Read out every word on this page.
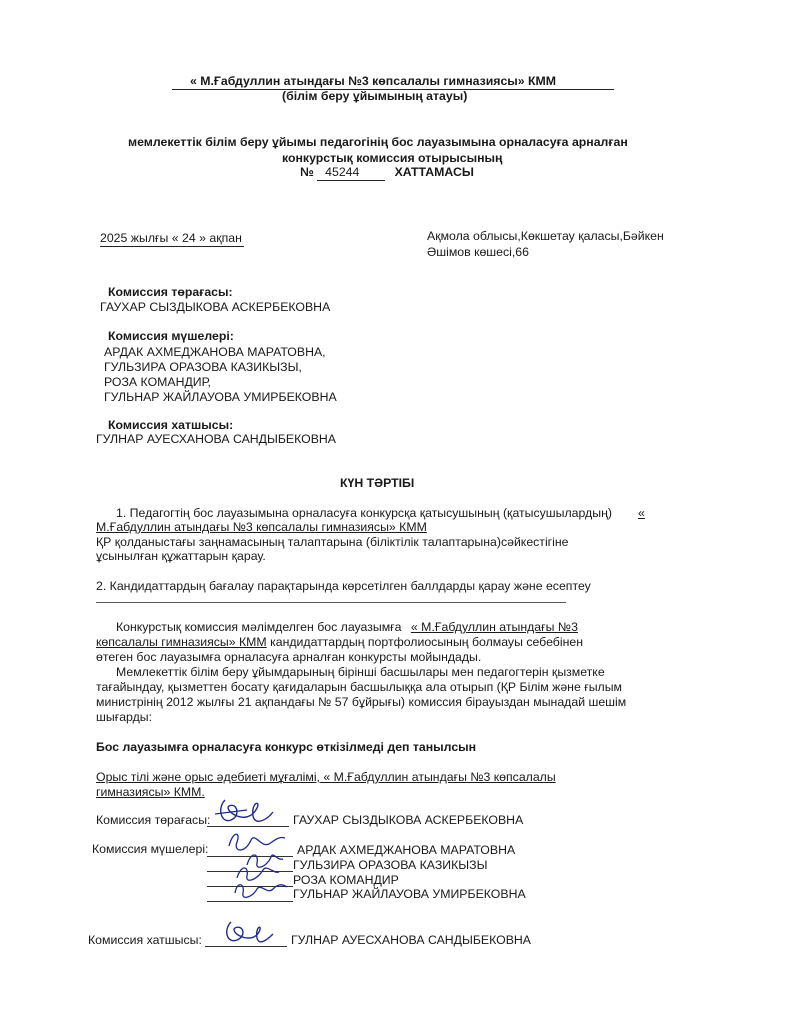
« М.Ғабдуллин атындағы №3 көпсалалы гимназиясы» КММ
(білім беру ұйымының атауы)
мемлекеттік білім беру ұйымы педагогінің бос лауазымына орналасуға арналған
конкурстық комиссия отырысының
№ 45244	ХАТТАМАСЫ
2025 жылғы « 24 » ақпан	Ақмола облысы,Көкшетау қаласы,Бәйкен
Әшімов көшесі,66
Комиссия төрағасы:
ГАУХАР СЫЗДЫКОВА АСКЕРБЕКОВНА
Комиссия мүшелері:
АРДАК АХМЕДЖАНОВА МАРАТОВНА,
ГУЛЬЗИРА ОРАЗОВА КАЗИКЫЗЫ,
РОЗА КОМАНДИР,
ГУЛЬНАР ЖАЙЛАУОВА УМИРБЕКОВНА
Комиссия хатшысы:
ГУЛНАР АУЕСХАНОВА САНДЫБЕКОВНА
КҮН ТӘРТІБІ
1. Педагогтің бос лауазымына орналасуға конкурсқа қатысушының (қатысушылардың) «
М.Ғабдуллин атындағы №3 көпсалалы гимназиясы» КММ
ҚР қолданыстағы заңнамасының талаптарына (біліктілік талаптарына)сәйкестігіне
ұсынылған құжаттарын қарау.
2. Кандидаттардың бағалау парақтарында көрсетілген баллдарды қарау және есептеу
Конкурстық комиссия мәлімделген бос лауазымға « М.Ғабдуллин атындағы №3
көпсалалы гимназиясы» КММ кандидаттардың портфолиосының болмауы себебінен
өтеген бос лауазымға орналасуға арналған конкурсты мойындады.
Мемлекеттік білім беру ұйымдарының бірінші басшылары мен педагогтерін қызметке
тағайындау, қызметтен босату қағидаларын басшылыққа ала отырып (ҚР Білім және ғылым
министрінің 2012 жылғы 21 ақпандағы № 57 бұйрығы) комиссия бірауыздан мынадай шешім
шығарды:
Бос лауазымға орналасуға конкурс өткізілмеді деп танылсын
Орыс тілі және орыс әдебиеті мұғалімі, « М.Ғабдуллин атындағы №3 көпсалалы
гимназиясы» КММ.
Комиссия төрағасы:	ГАУХАР СЫЗДЫКОВА АСКЕРБЕКОВНА
Комиссия мүшелері:	АРДАК АХМЕДЖАНОВА МАРАТОВНА
ГУЛЬЗИРА ОРАЗОВА КАЗИКЫЗЫ
РОЗА КОМАНДИР
ГУЛЬНАР ЖАЙЛАУОВА УМИРБЕКОВНА
Комиссия хатшысы:	ГУЛНАР АУЕСХАНОВА САНДЫБЕКОВНА
